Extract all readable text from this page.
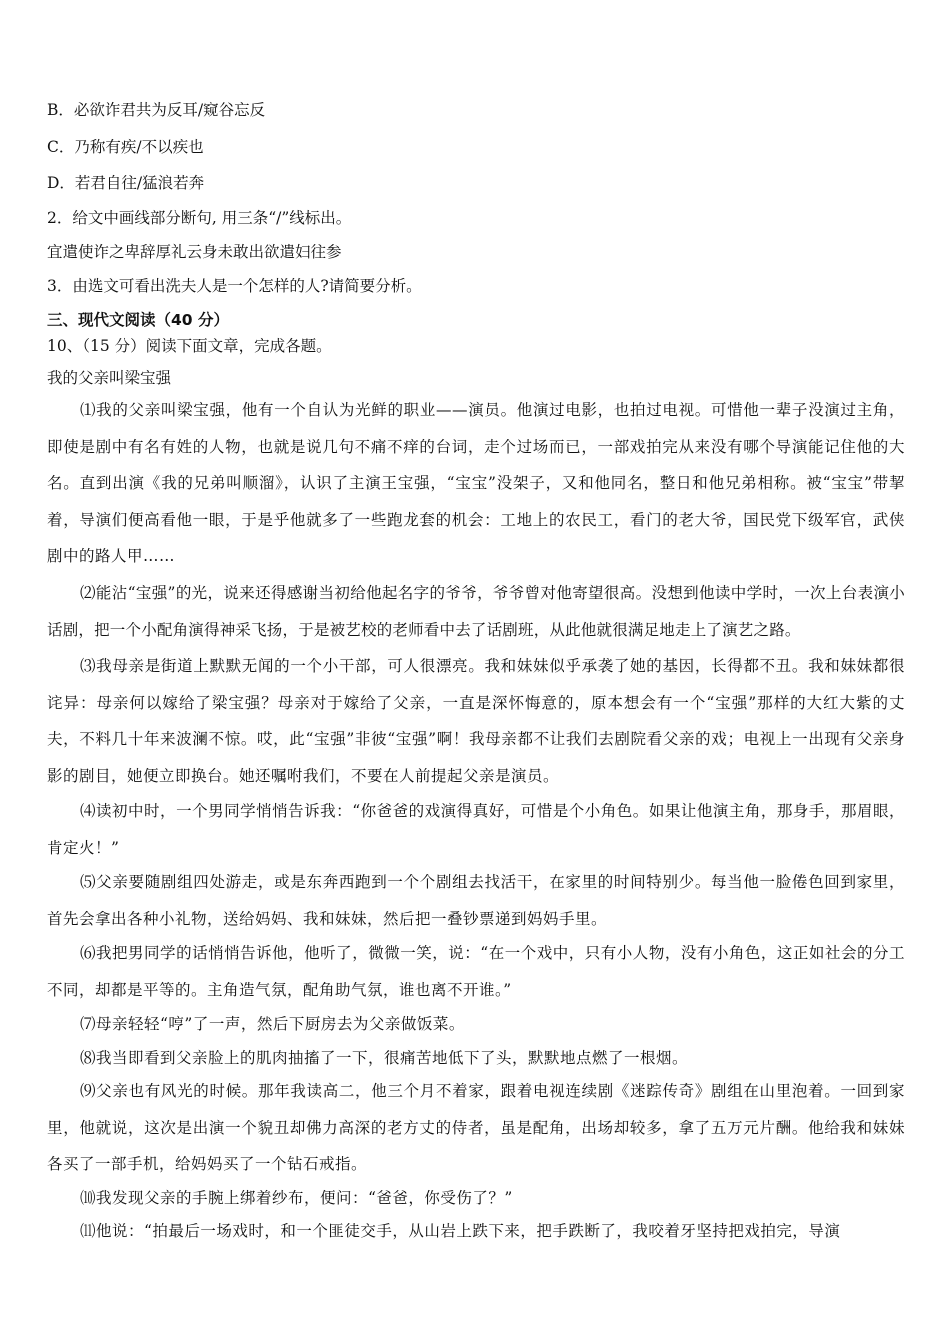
B．必欲诈君共为反耳/窥谷忘反
C．乃称有疾/不以疾也
D．若君自往/猛浪若奔
2．给文中画线部分断句, 用三条“/”线标出。
宜遣使诈之卑辞厚礼云身未敢出欲遣妇往参
3．由选文可看出洗夫人是一个怎样的人?请简要分析。
三、现代文阅读（40 分）
10、（15 分）阅读下面文章，完成各题。
我的父亲叫梁宝强
⑴我的父亲叫梁宝强，他有一个自认为光鲜的职业——演员。他演过电影，也拍过电视。可惜他一辈子没演过主角，即使是剧中有名有姓的人物，也就是说几句不痛不痒的台词，走个过场而已，一部戏拍完从来没有哪个导演能记住他的大名。直到出演《我的兄弟叫顺溜》，认识了主演王宝强，“宝宝”没架子，又和他同名，整日和他兄弟相称。被“宝宝”带挈着，导演们便高看他一眼，于是乎他就多了一些跑龙套的机会：工地上的农民工，看门的老大爷，国民党下级军官，武侠剧中的路人甲……
⑵能沾“宝强”的光，说来还得感谢当初给他起名字的爷爷，爷爷曾对他寄望很高。没想到他读中学时，一次上台表演小话剧，把一个小配角演得神采飞扬，于是被艺校的老师看中去了话剧班，从此他就很满足地走上了演艺之路。
⑶我母亲是街道上默默无闻的一个小干部，可人很漂亮。我和妹妹似乎承袭了她的基因，长得都不丑。我和妹妹都很诧异：母亲何以嫁给了梁宝强？母亲对于嫁给了父亲，一直是深怀悔意的，原本想会有一个“宝强”那样的大红大紫的丈夫，不料几十年来波澜不惊。哎，此“宝强”非彼“宝强”啊！我母亲都不让我们去剧院看父亲的戏；电视上一出现有父亲身影的剧目，她便立即换台。她还嘱咐我们，不要在人前提起父亲是演员。
⑷读初中时，一个男同学悄悄告诉我：“你爸爸的戏演得真好，可惜是个小角色。如果让他演主角，那身手，那眉眼，肯定火！”
⑸父亲要随剧组四处游走，或是东奔西跑到一个个剧组去找活干，在家里的时间特别少。每当他一脸倦色回到家里，首先会拿出各种小礼物，送给妈妈、我和妹妹，然后把一叠钞票递到妈妈手里。
⑹我把男同学的话悄悄告诉他，他听了，微微一笑，说：“在一个戏中，只有小人物，没有小角色，这正如社会的分工不同，却都是平等的。主角造气氛，配角助气氛，谁也离不开谁。”
⑺母亲轻轻“哼”了一声，然后下厨房去为父亲做饭菜。
⑻我当即看到父亲脸上的肌肉抽搐了一下，很痛苦地低下了头，默默地点燃了一根烟。
⑼父亲也有风光的时候。那年我读高二，他三个月不着家，跟着电视连续剧《迷踪传奇》剧组在山里泡着。一回到家里，他就说，这次是出演一个貌丑却佛力高深的老方丈的侍者，虽是配角，出场却较多，拿了五万元片酬。他给我和妹妹各买了一部手机，给妈妈买了一个钻石戒指。
⑽我发现父亲的手腕上绑着纱布，便问：“爸爸，你受伤了？”
⑾他说：“拍最后一场戏时，和一个匪徒交手，从山岩上跌下来，把手跌断了，我咬着牙坚持把戏拍完，导演
